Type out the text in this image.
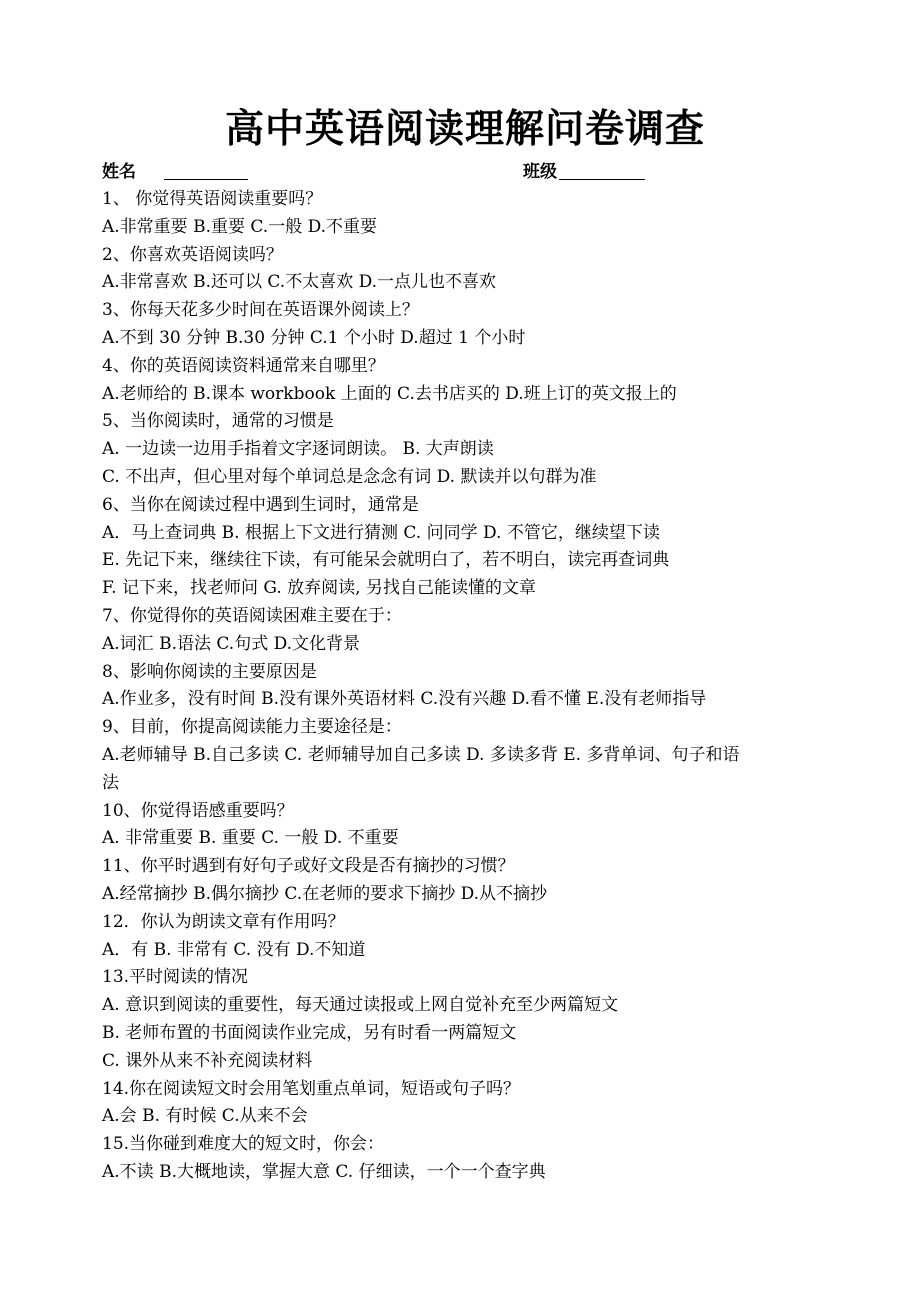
高中英语阅读理解问卷调查
姓名	班级
1、 你觉得英语阅读重要吗？
A.非常重要 B.重要 C.一般 D.不重要
2、你喜欢英语阅读吗？
A.非常喜欢 B.还可以 C.不太喜欢 D.一点儿也不喜欢
3、你每天花多少时间在英语课外阅读上？
A.不到 30 分钟 B.30 分钟 C.1 个小时 D.超过 1 个小时
4、你的英语阅读资料通常来自哪里？
A.老师给的 B.课本 workbook 上面的 C.去书店买的 D.班上订的英文报上的
5、当你阅读时，通常的习惯是
A. 一边读一边用手指着文字逐词朗读。 B. 大声朗读
C. 不出声，但心里对每个单词总是念念有词 D. 默读并以句群为准
6、当你在阅读过程中遇到生词时，通常是
A．马上查词典 B. 根据上下文进行猜测 C. 问同学 D. 不管它，继续望下读
E. 先记下来，继续往下读，有可能呆会就明白了，若不明白，读完再查词典
F. 记下来，找老师问 G. 放弃阅读, 另找自己能读懂的文章
7、你觉得你的英语阅读困难主要在于：
A.词汇 B.语法 C.句式 D.文化背景
8、影响你阅读的主要原因是
A.作业多，没有时间 B.没有课外英语材料 C.没有兴趣 D.看不懂 E.没有老师指导
9、目前，你提高阅读能力主要途径是：
A.老师辅导 B.自己多读 C. 老师辅导加自己多读 D. 多读多背 E. 多背单词、句子和语
法
10、你觉得语感重要吗？
A. 非常重要 B. 重要 C. 一般 D. 不重要
11、你平时遇到有好句子或好文段是否有摘抄的习惯？
A.经常摘抄 B.偶尔摘抄 C.在老师的要求下摘抄 D.从不摘抄
12．你认为朗读文章有作用吗？
A．有 B. 非常有 C. 没有 D.不知道
13.平时阅读的情况
A. 意识到阅读的重要性，每天通过读报或上网自觉补充至少两篇短文
B. 老师布置的书面阅读作业完成，另有时看一两篇短文
C. 课外从来不补充阅读材料
14.你在阅读短文时会用笔划重点单词，短语或句子吗？
A.会 B. 有时候 C.从来不会
15.当你碰到难度大的短文时，你会：
A.不读 B.大概地读，掌握大意 C. 仔细读，一个一个查字典
